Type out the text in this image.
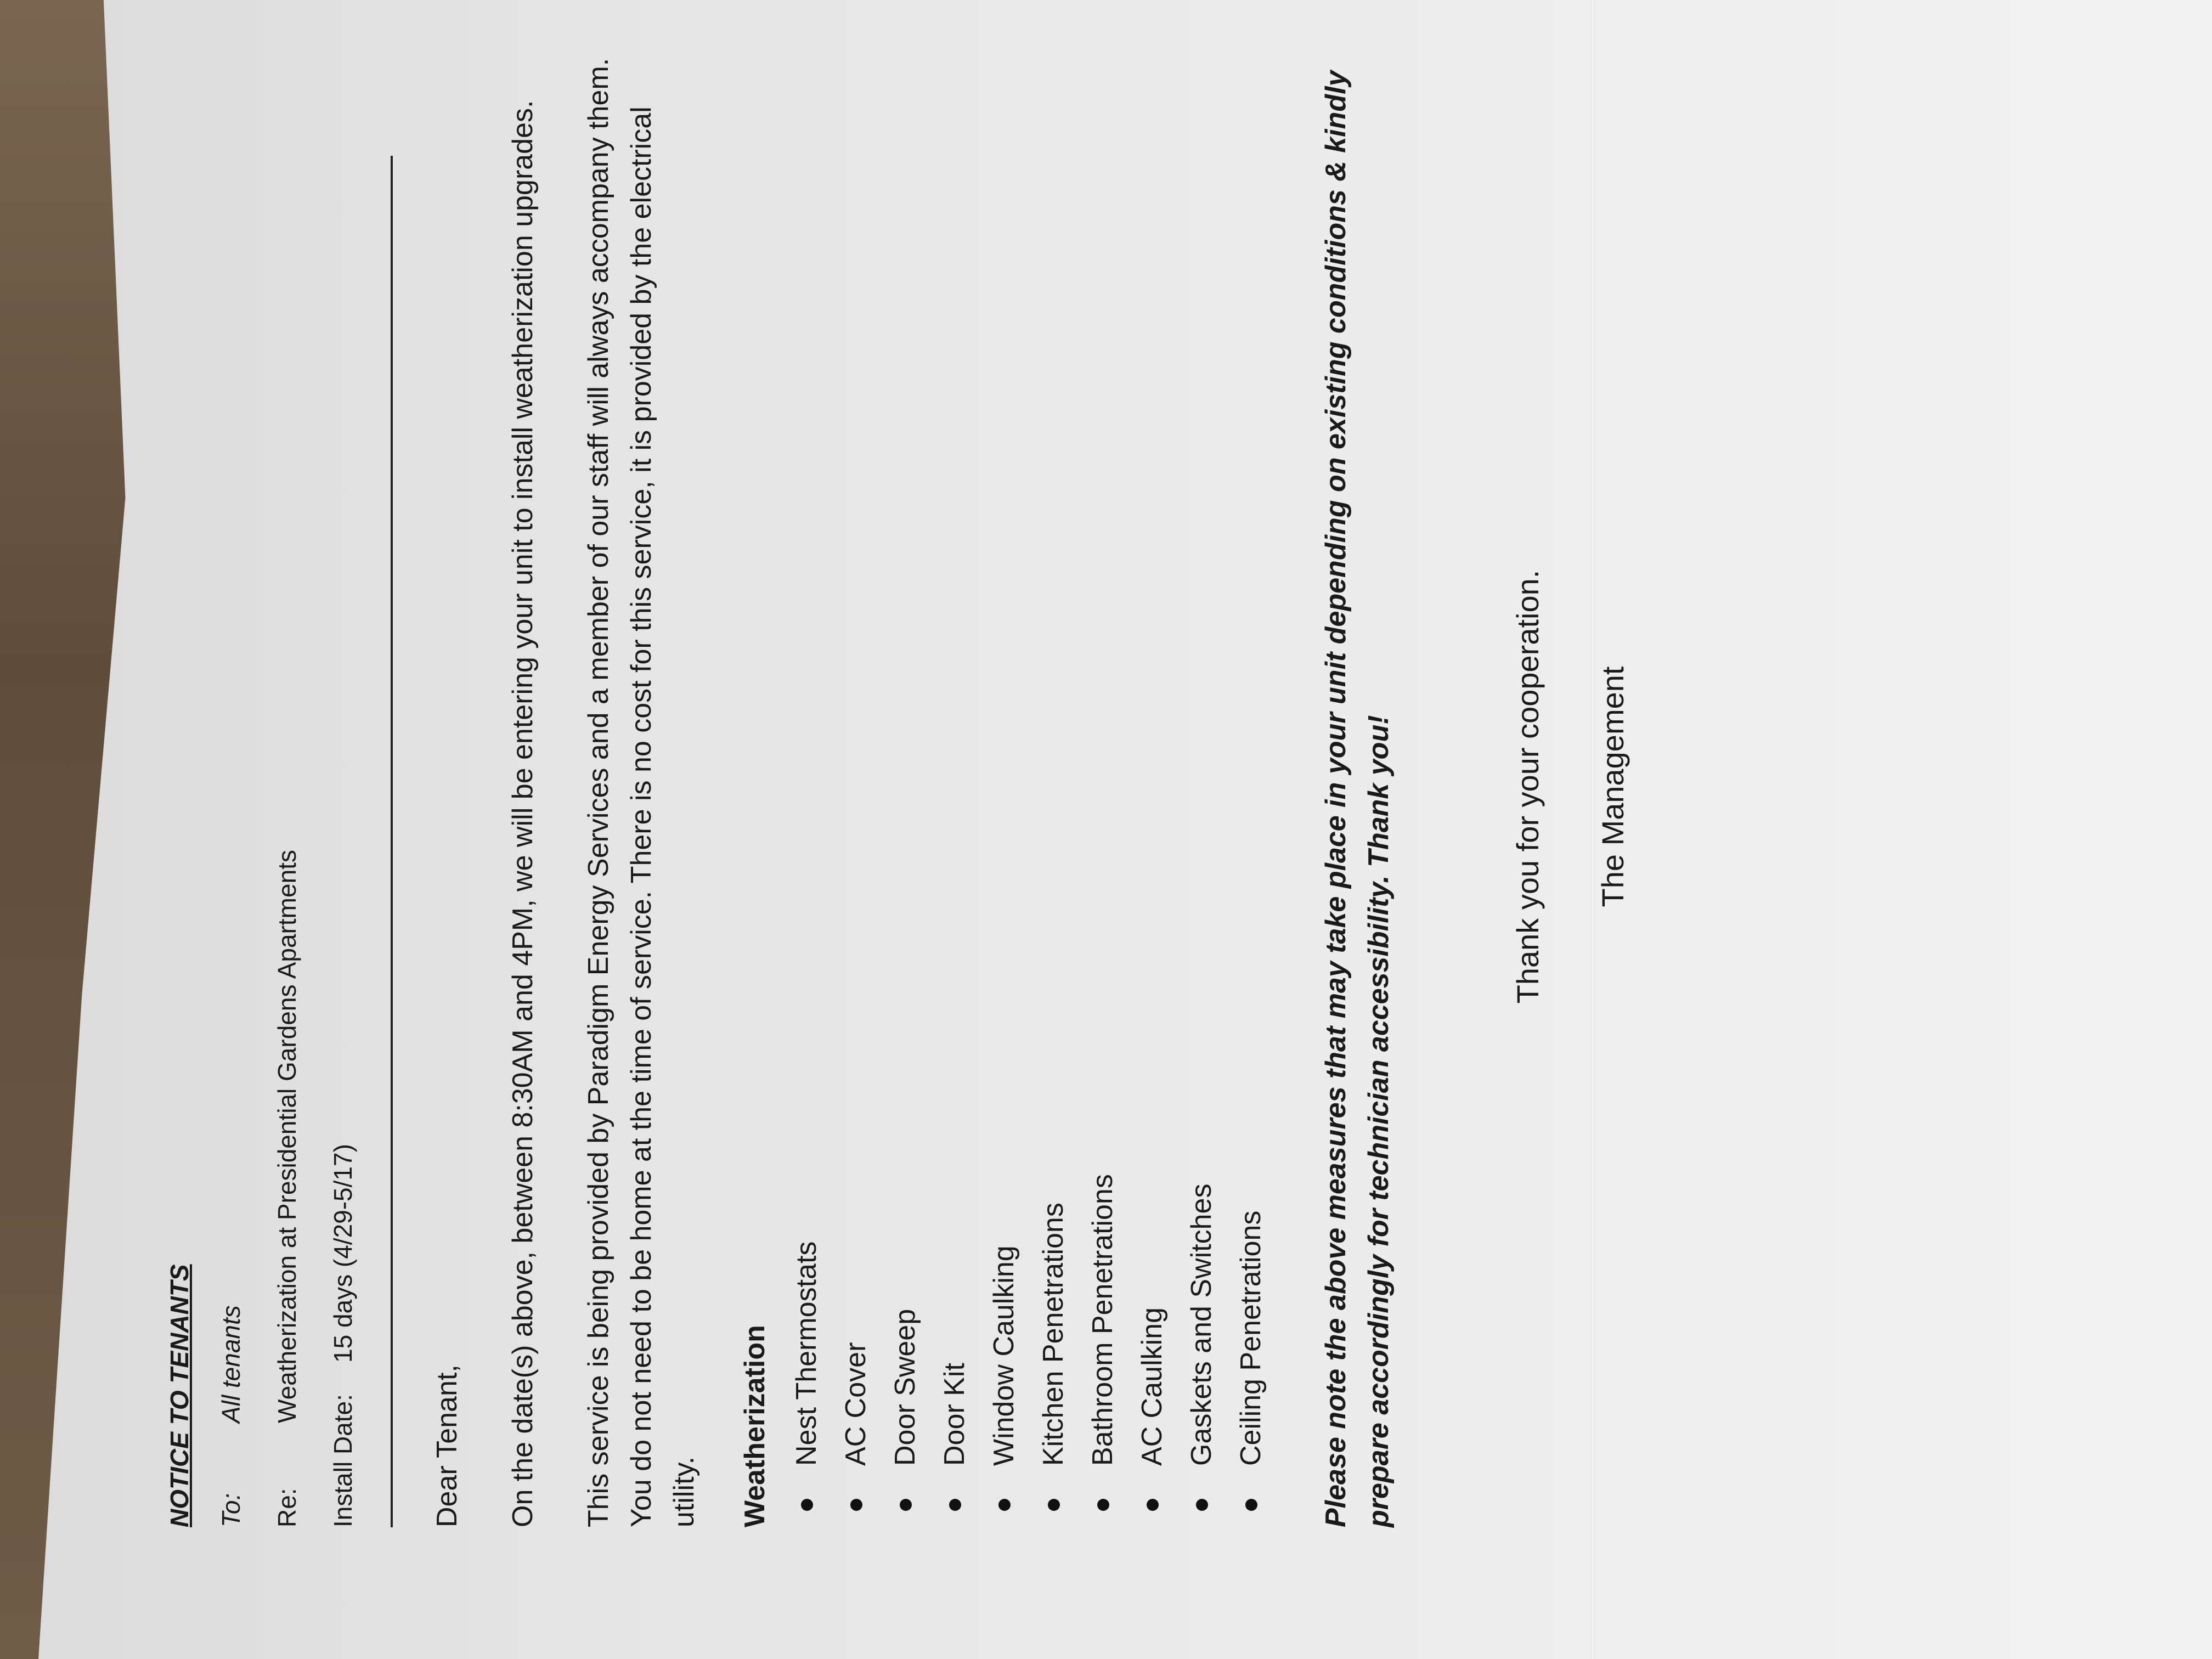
NOTICE TO TENANTS To:
All tenants
Re:
Weatherization at Presidential Gardens Apartments
Install Date:
15 days (4/29-5/17)

Dear Tenant, On the date(s) above, between 8:30AM and 4PM, we will be entering your unit to install weatherization upgrades. This service is being provided by Paradigm Energy Services and a member of our staff will always accompany them. You do not need to be home at the time of service. There is no cost for this service, it is provided by the electrical utility. Weatherization Nest Thermostats AC Cover Door Sweep Door Kit Window Caulking Kitchen Penetrations Bathroom Penetrations AC Caulking Gaskets and Switches Ceiling Penetrations	Please note the above measures that may take place in your unit depending on existing conditions & kindly prepare accordingly for technician accessibility. Thank you!	Thank you for your cooperation. The Management
